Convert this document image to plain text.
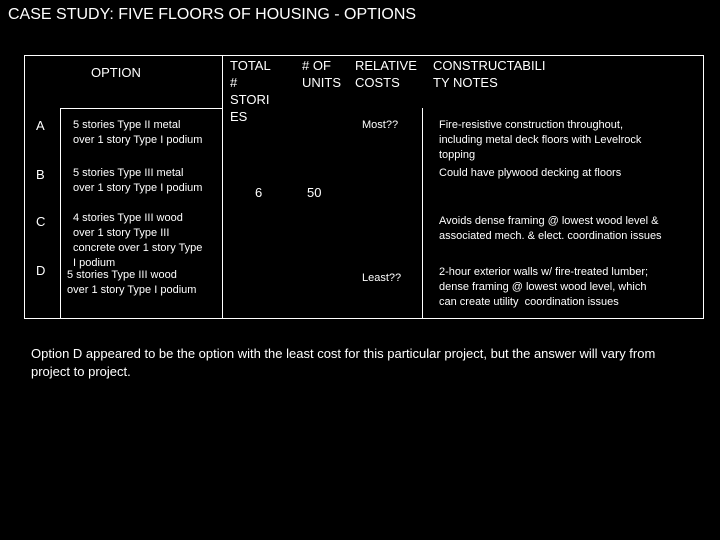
CASE STUDY: FIVE FLOORS OF HOUSING - OPTIONS
OPTION	TOTAL
#
STORI
ES
# OF
UNITS
RELATIVE
COSTS
CONSTRUCTABILI
TY NOTES
A
B
C
D
5 stories Type II metal
over 1 story Type I podium
5 stories Type III metal
over 1 story Type I podium
4 stories Type III wood
over 1 story Type III
concrete over 1 story Type
I podium
5 stories Type III wood
over 1 story Type I podium
6	50
Most??
Least??
Fire-resistive construction throughout,
including metal deck floors with Levelrock
topping
Could have plywood decking at floors
Avoids dense framing @ lowest wood level &
associated mech. & elect. coordination issues
2-hour exterior walls w/ fire-treated lumber;
dense framing @ lowest wood level, which
can create utility  coordination issues
Option D appeared to be the option with the least cost for this particular project, but the answer will vary from project to project.
